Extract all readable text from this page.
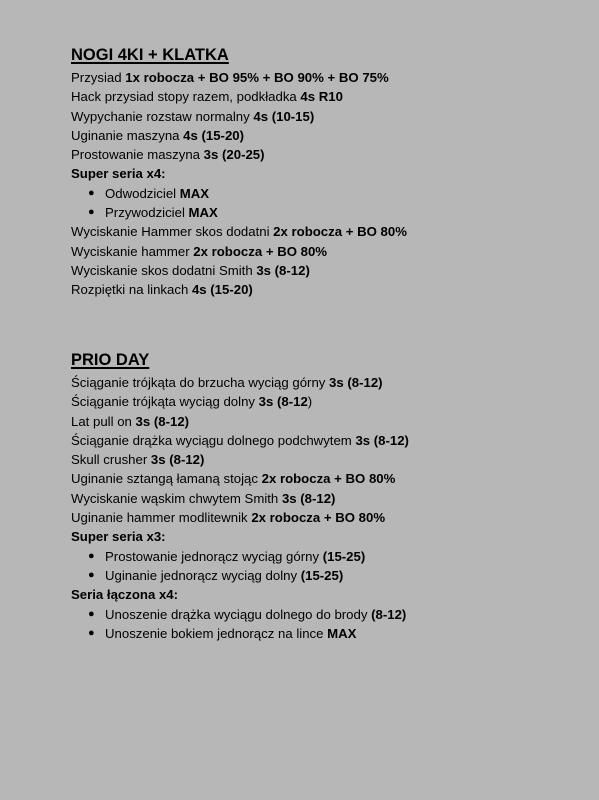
NOGI 4KI + KLATKA
Przysiad 1x robocza + BO 95% + BO 90% + BO 75%
Hack przysiad stopy razem, podkładka 4s R10
Wypychanie rozstaw normalny 4s (10-15)
Uginanie maszyna 4s (15-20)
Prostowanie maszyna 3s (20-25)
Super seria x4:
● Odwodziciel MAX
● Przywodziciel MAX
Wyciskanie Hammer skos dodatni 2x robocza + BO 80%
Wyciskanie hammer 2x robocza + BO 80%
Wyciskanie skos dodatni Smith 3s (8-12)
Rozpiętki na linkach 4s (15-20)
PRIO DAY
Ściąganie trójkąta do brzucha wyciąg górny 3s (8-12)
Ściąganie trójkąta wyciąg dolny 3s (8-12)
Lat pull on 3s (8-12)
Ściąganie drążka wyciągu dolnego podchwytem 3s (8-12)
Skull crusher 3s (8-12)
Uginanie sztangą łamaną stojąc 2x robocza + BO 80%
Wyciskanie wąskim chwytem Smith 3s (8-12)
Uginanie hammer modlitewnik 2x robocza + BO 80%
Super seria x3:
● Prostowanie jednorącz wyciąg górny (15-25)
● Uginanie jednorącz wyciąg dolny (15-25)
Seria łączona x4:
● Unoszenie drążka wyciągu dolnego do brody (8-12)
● Unoszenie bokiem jednorącz na lince MAX
